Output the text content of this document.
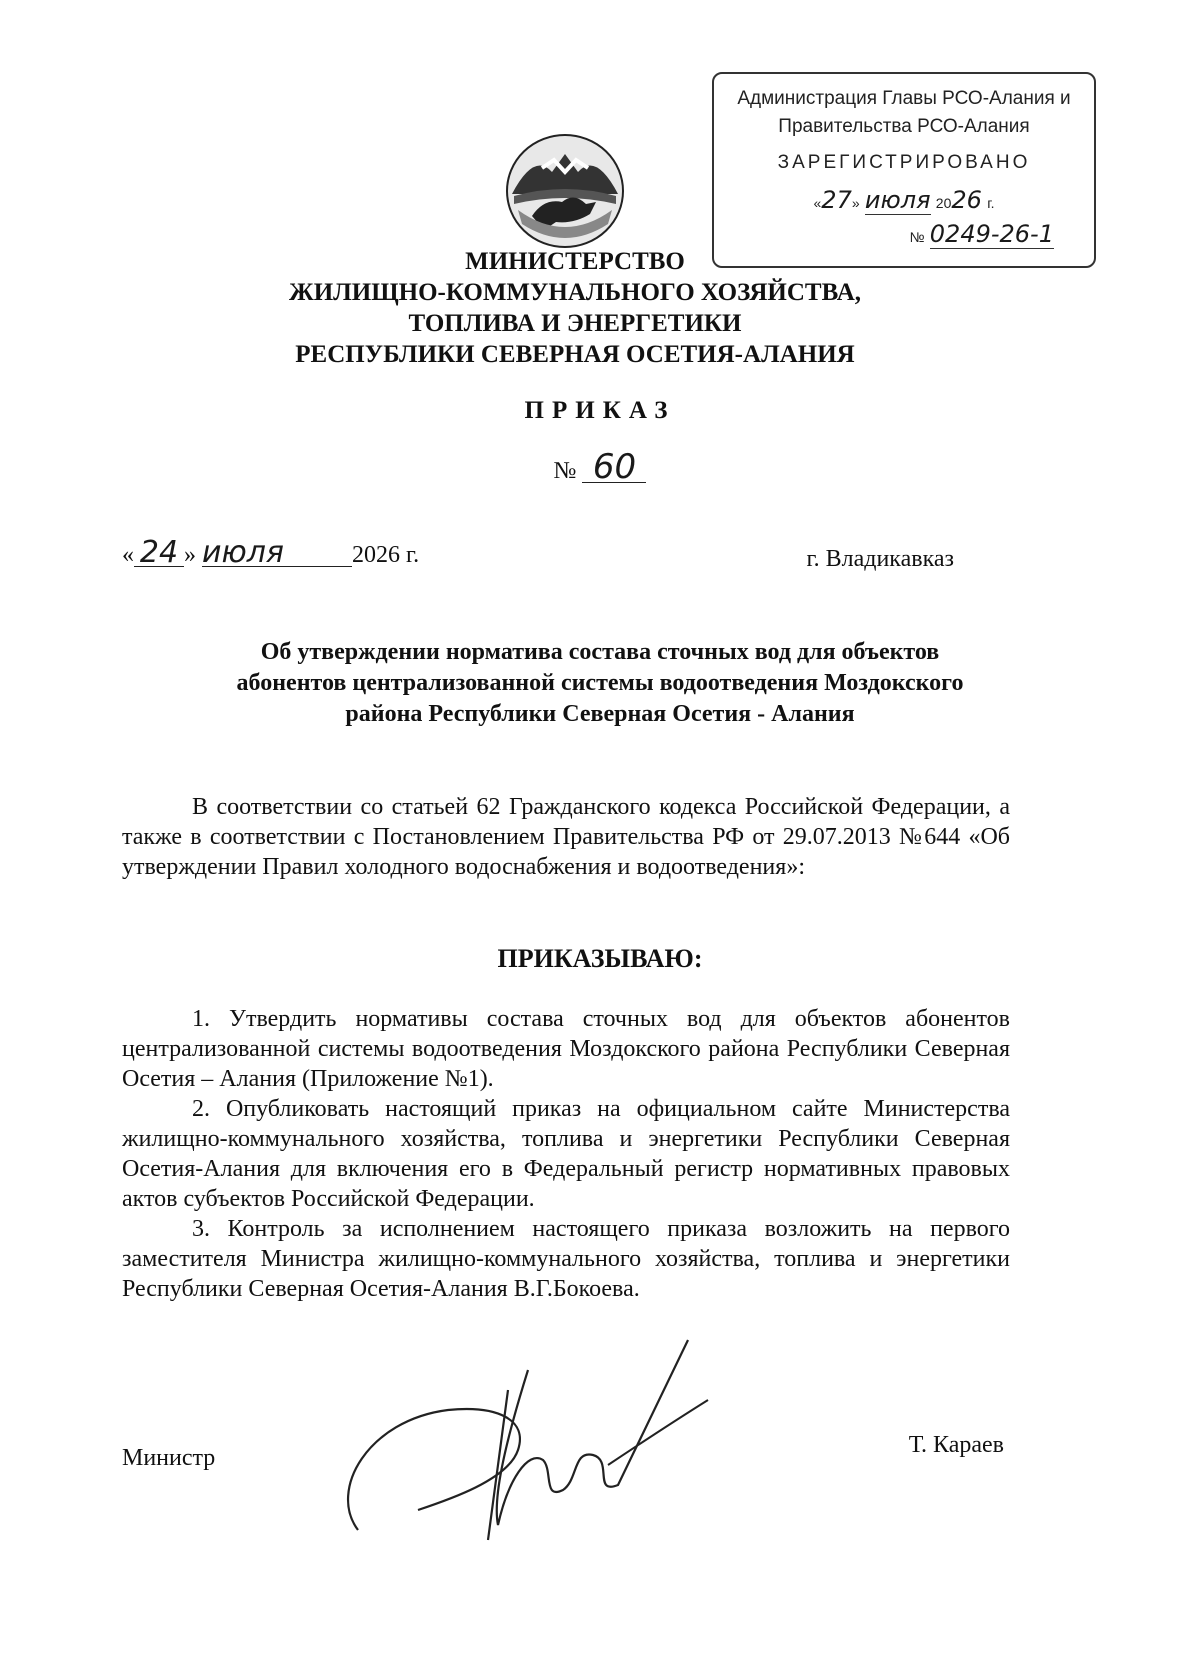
Администрация Главы РСО-Алания и
Правительства РСО-Алания
ЗАРЕГИСТРИРОВАНО
«27» июля 2026 г.
№ 0249-26-1
МИНИСТЕРСТВО
ЖИЛИЩНО-КОММУНАЛЬНОГО ХОЗЯЙСТВА,
ТОПЛИВА И ЭНЕРГЕТИКИ
РЕСПУБЛИКИ СЕВЕРНАЯ ОСЕТИЯ-АЛАНИЯ
ПРИКАЗ
№ 60
« 24 » июля	2026 г.	г. Владикавказ
Об утверждении норматива состава сточных вод для объектов
абонентов централизованной системы водоотведения Моздокского
района Республики Северная Осетия - Алания
В соответствии со статьей 62 Гражданского кодекса Российской Федерации, а также в соответствии с Постановлением Правительства РФ от 29.07.2013 №644 «Об утверждении Правил холодного водоснабжения и водоотведения»:
ПРИКАЗЫВАЮ:
1. Утвердить нормативы состава сточных вод для объектов абонентов централизованной системы водоотведения Моздокского района Республики Северная Осетия – Алания (Приложение №1).
2. Опубликовать настоящий приказ на официальном сайте Министерства жилищно-коммунального хозяйства, топлива и энергетики Республики Северная Осетия-Алания для включения его в Федеральный регистр нормативных правовых актов субъектов Российской Федерации.
3. Контроль за исполнением настоящего приказа возложить на первого заместителя Министра жилищно-коммунального хозяйства, топлива и энергетики Республики Северная Осетия-Алания В.Г.Бокоева.
Министр	Т. Караев
